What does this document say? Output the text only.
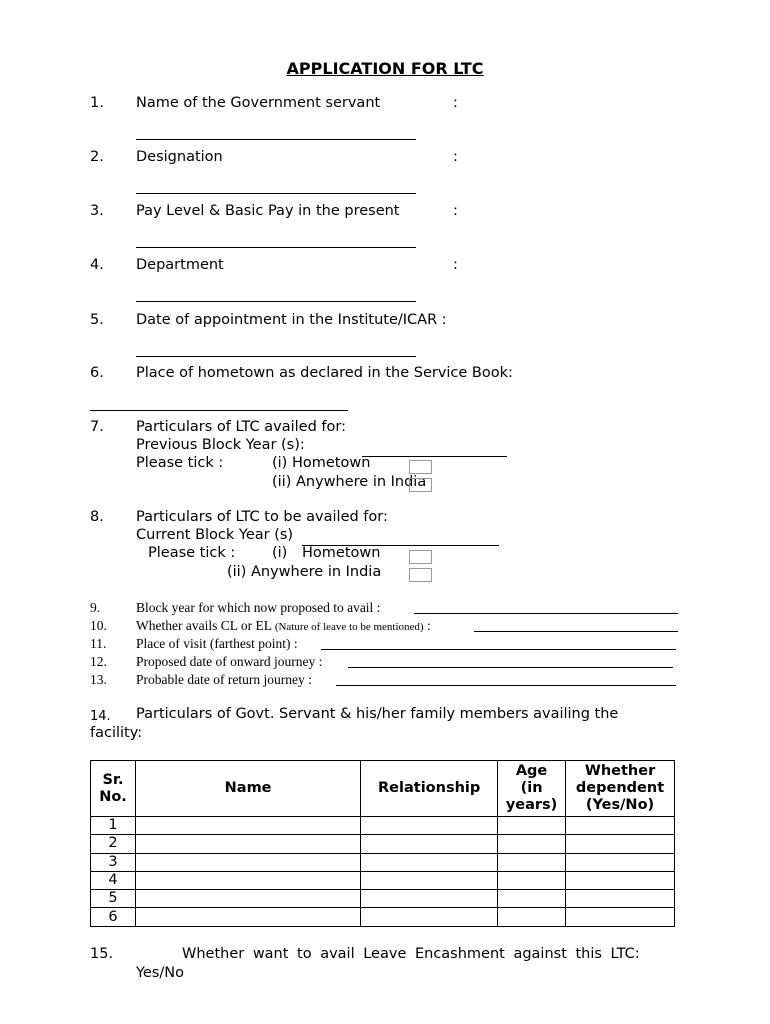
APPLICATION FOR LTC
1. Name of the Government servant	:
2. Designation	:
3. Pay Level & Basic Pay in the present	:
4. Department	:
5. Date of appointment in the Institute/ICAR :
6. Place of hometown as declared in the Service Book:
7. Particulars of LTC availed for:
Previous Block Year (s):
Please tick :	(i) Hometown
(ii) Anywhere in India
8. Particulars of LTC to be availed for:
Current Block Year (s)
Please tick :	(i) Hometown
(ii) Anywhere in India
9.	Block year for which now proposed to avail :
10. Whether avails CL or EL (Nature of leave to be mentioned) :
11. Place of visit (farthest point) :
12. Proposed date of onward journey :
13. Probable date of return journey :
14. Particulars of Govt. Servant & his/her family members availing the
facility:
Sr. No.	Name	Relationship	Age (in years)	Whether dependent (Yes/No)
1				
2				
3				
4				
5				
6				
15.	Whether want to avail Leave Encashment against this LTC:
Yes/No
